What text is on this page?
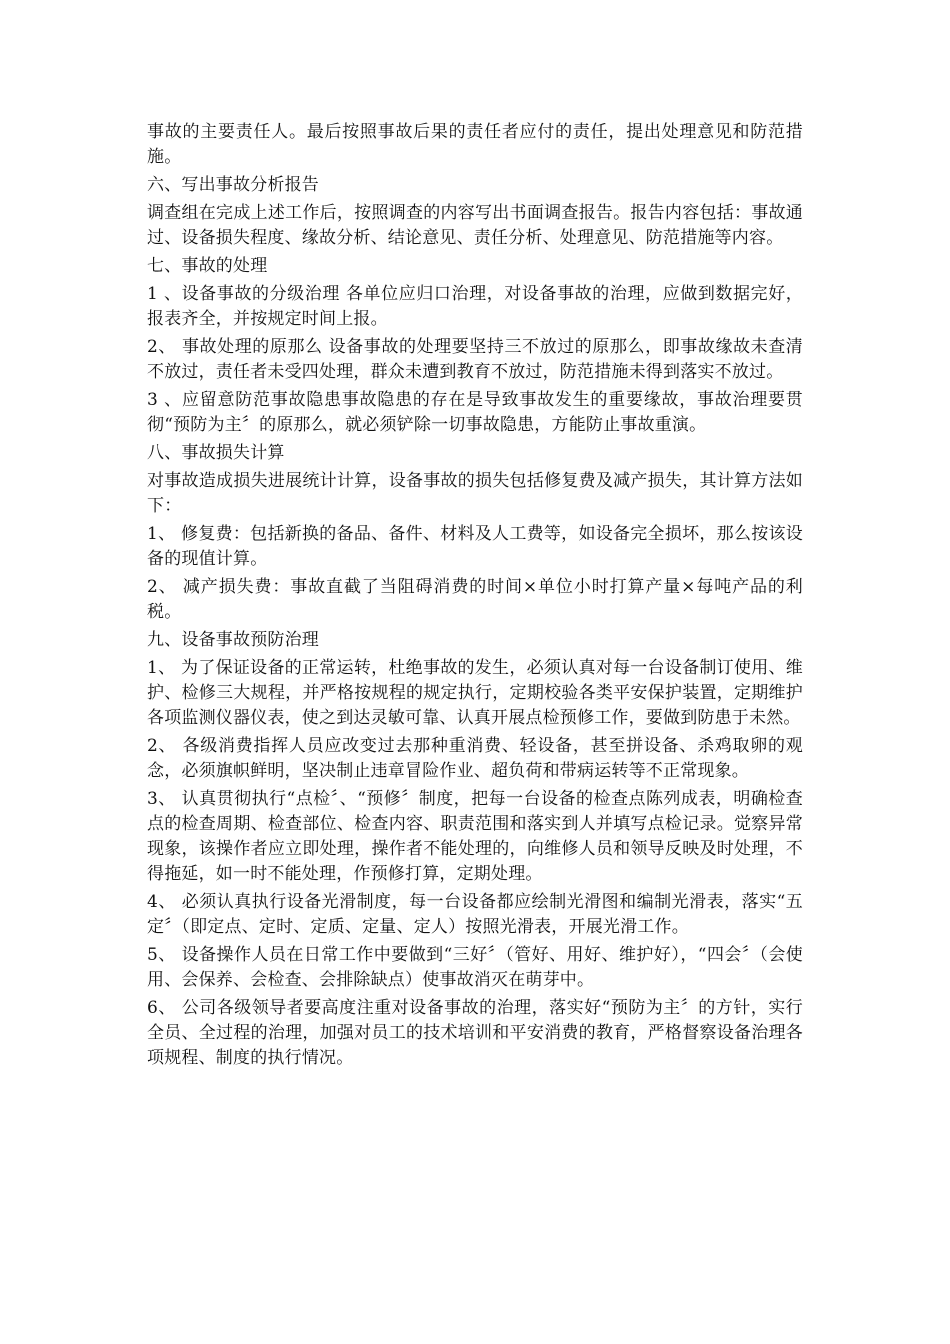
事故的主要责任人。最后按照事故后果的责任者应付的责任，提出处理意见和防范措施。

六、写出事故分析报告

调查组在完成上述工作后，按照调查的内容写出书面调查报告。报告内容包括：事故通过、设备损失程度、缘故分析、结论意见、责任分析、处理意见、防范措施等内容。

七、事故的处理

1 、设备事故的分级治理 各单位应归口治理，对设备事故的治理，应做到数据完好，报表齐全，并按规定时间上报。

2、 事故处理的原那么 设备事故的处理要坚持三不放过的原那么，即事故缘故未查清不放过，责任者未受四处理，群众未遭到教育不放过，防范措施未得到落实不放过。

3 、应留意防范事故隐患事故隐患的存在是导致事故发生的重要缘故，事故治理要贯彻“预防为主〞的原那么，就必须铲除一切事故隐患，方能防止事故重演。

八、事故损失计算

对事故造成损失进展统计计算，设备事故的损失包括修复费及减产损失，其计算方法如下：

1、 修复费：包括新换的备品、备件、材料及人工费等，如设备完全损坏，那么按该设备的现值计算。

2、 减产损失费：事故直截了当阻碍消费的时间×单位小时打算产量×每吨产品的利税。

九、设备事故预防治理

1、 为了保证设备的正常运转，杜绝事故的发生，必须认真对每一台设备制订使用、维护、检修三大规程，并严格按规程的规定执行，定期校验各类平安保护装置，定期维护各项监测仪器仪表，使之到达灵敏可靠、认真开展点检预修工作，要做到防患于未然。

2、 各级消费指挥人员应改变过去那种重消费、轻设备，甚至拼设备、杀鸡取卵的观念，必须旗帜鲜明，坚决制止违章冒险作业、超负荷和带病运转等不正常现象。

3、 认真贯彻执行“点检〞、“预修〞制度，把每一台设备的检查点陈列成表，明确检查点的检查周期、检查部位、检查内容、职责范围和落实到人并填写点检记录。觉察异常现象，该操作者应立即处理，操作者不能处理的，向维修人员和领导反映及时处理，不得拖延，如一时不能处理，作预修打算，定期处理。

4、 必须认真执行设备光滑制度，每一台设备都应绘制光滑图和编制光滑表，落实“五定〞（即定点、定时、定质、定量、定人）按照光滑表，开展光滑工作。

5、 设备操作人员在日常工作中要做到“三好〞（管好、用好、维护好），“四会〞（会使用、会保养、会检查、会排除缺点）使事故消灭在萌芽中。

6、 公司各级领导者要高度注重对设备事故的治理，落实好“预防为主〞的方针，实行全员、全过程的治理，加强对员工的技术培训和平安消费的教育，严格督察设备治理各项规程、制度的执行情况。
